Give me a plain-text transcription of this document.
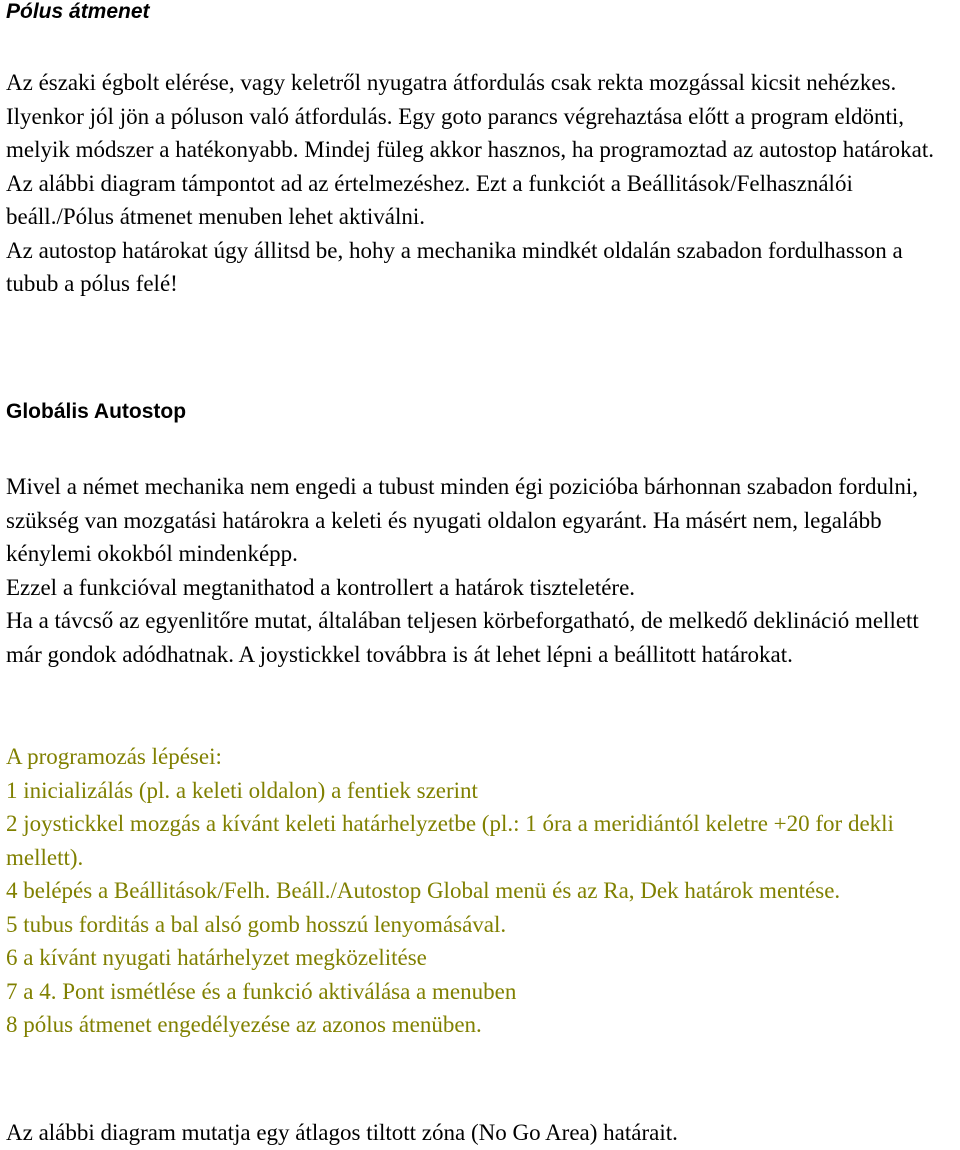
Pólus átmenet

Az északi égbolt elérése, vagy keletről nyugatra átfordulás csak rekta mozgással kicsit nehézkes. Ilyenkor jól jön a póluson való átfordulás. Egy goto parancs végrehaztása előtt a program eldönti, melyik módszer a hatékonyabb. Mindej füleg akkor hasznos, ha programoztad az autostop határokat. Az alábbi diagram támpontot ad az értelmezéshez. Ezt a funkciót a Beállitások/Felhasználói beáll./Pólus átmenet menuben lehet aktiválni.

Az autostop határokat úgy állitsd be, hohy a mechanika mindkét oldalán szabadon fordulhasson a tubub a pólus felé!

Globális Autostop

Mivel a német mechanika nem engedi a tubust minden égi pozicióba bárhonnan szabadon fordulni, szükség van mozgatási határokra a keleti és nyugati oldalon egyaránt. Ha másért nem, legalább kénylemi okokból mindenképp.

Ezzel a funkcióval megtanithatod a kontrollert a határok tiszteletére.

Ha a távcső az egyenlitőre mutat, általában teljesen körbeforgatható, de melkedő deklináció mellett már gondok adódhatnak. A joystickkel továbbra is át lehet lépni a beállitott határokat.

A programozás lépései:

1 inicializálás (pl. a keleti oldalon) a fentiek szerint

2 joystickkel mozgás a kívánt keleti határhelyzetbe (pl.: 1 óra a meridiántól keletre +20 for dekli mellett).

4 belépés a Beállitások/Felh. Beáll./Autostop Global menü és az Ra, Dek határok mentése.

5 tubus forditás a bal alsó gomb hosszú lenyomásával.

6 a kívánt nyugati határhelyzet megközelitése

7 a 4. Pont ismétlése és a funkció aktiválása a menuben

8 pólus átmenet engedélyezése az azonos menüben.

Az alábbi diagram mutatja egy átlagos tiltott zóna (No Go Area) határait.
